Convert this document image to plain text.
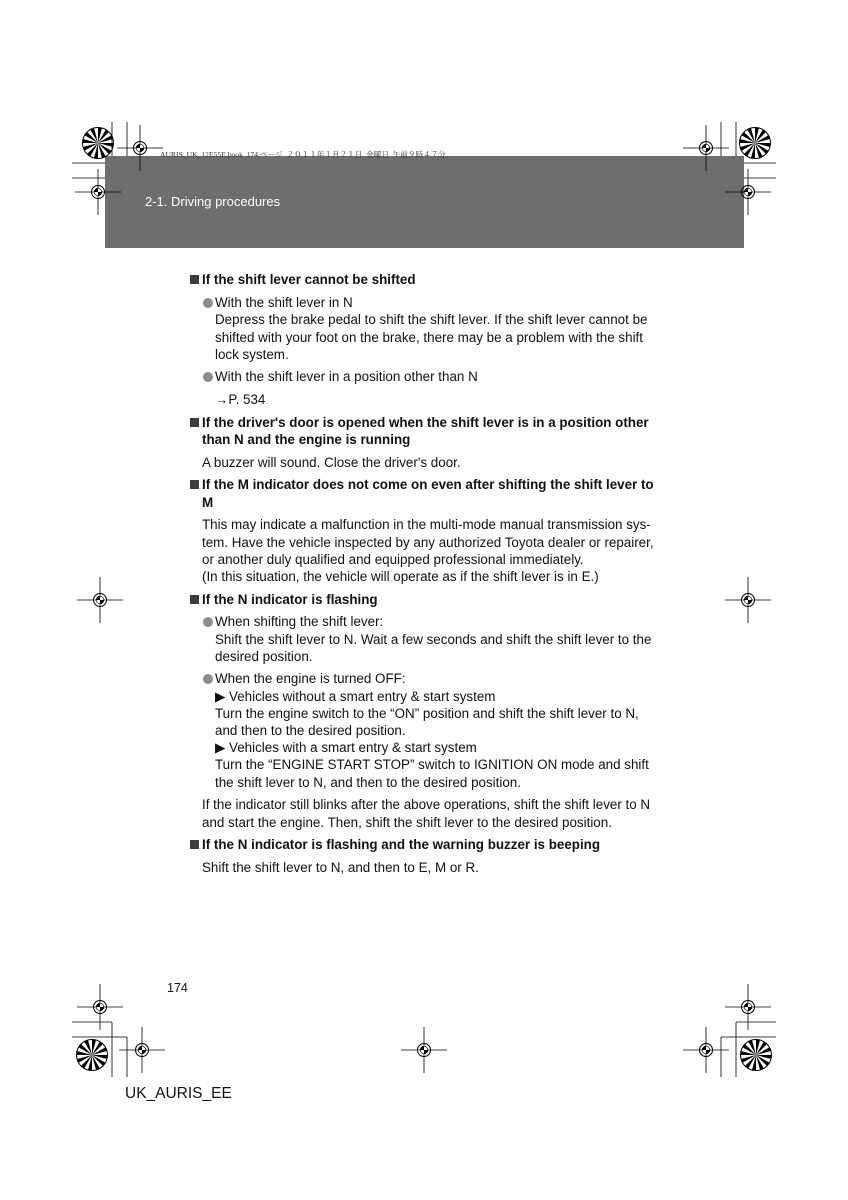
AURIS_UK_12E55E.book  174 ページ  ２０１１年１月２１日  金曜日  午前９時４７分
2-1. Driving procedures
If the shift lever cannot be shifted
With the shift lever in N
Depress the brake pedal to shift the shift lever. If the shift lever cannot be
shifted with your foot on the brake, there may be a problem with the shift
lock system.
With the shift lever in a position other than N
→P. 534
If the driver's door is opened when the shift lever is in a position other
than N and the engine is running
A buzzer will sound. Close the driver's door.
If the M indicator does not come on even after shifting the shift lever to
M
This may indicate a malfunction in the multi-mode manual transmission sys-
tem. Have the vehicle inspected by any authorized Toyota dealer or repairer,
or another duly qualified and equipped professional immediately.
(In this situation, the vehicle will operate as if the shift lever is in E.)
If the N indicator is flashing
When shifting the shift lever:
Shift the shift lever to N. Wait a few seconds and shift the shift lever to the
desired position.
When the engine is turned OFF:
▶ Vehicles without a smart entry & start system
Turn the engine switch to the “ON” position and shift the shift lever to N,
and then to the desired position.
▶ Vehicles with a smart entry & start system
Turn the “ENGINE START STOP” switch to IGNITION ON mode and shift
the shift lever to N, and then to the desired position.
If the indicator still blinks after the above operations, shift the shift lever to N
and start the engine. Then, shift the shift lever to the desired position.
If the N indicator is flashing and the warning buzzer is beeping
Shift the shift lever to N, and then to E, M or R.
174
UK_AURIS_EE
